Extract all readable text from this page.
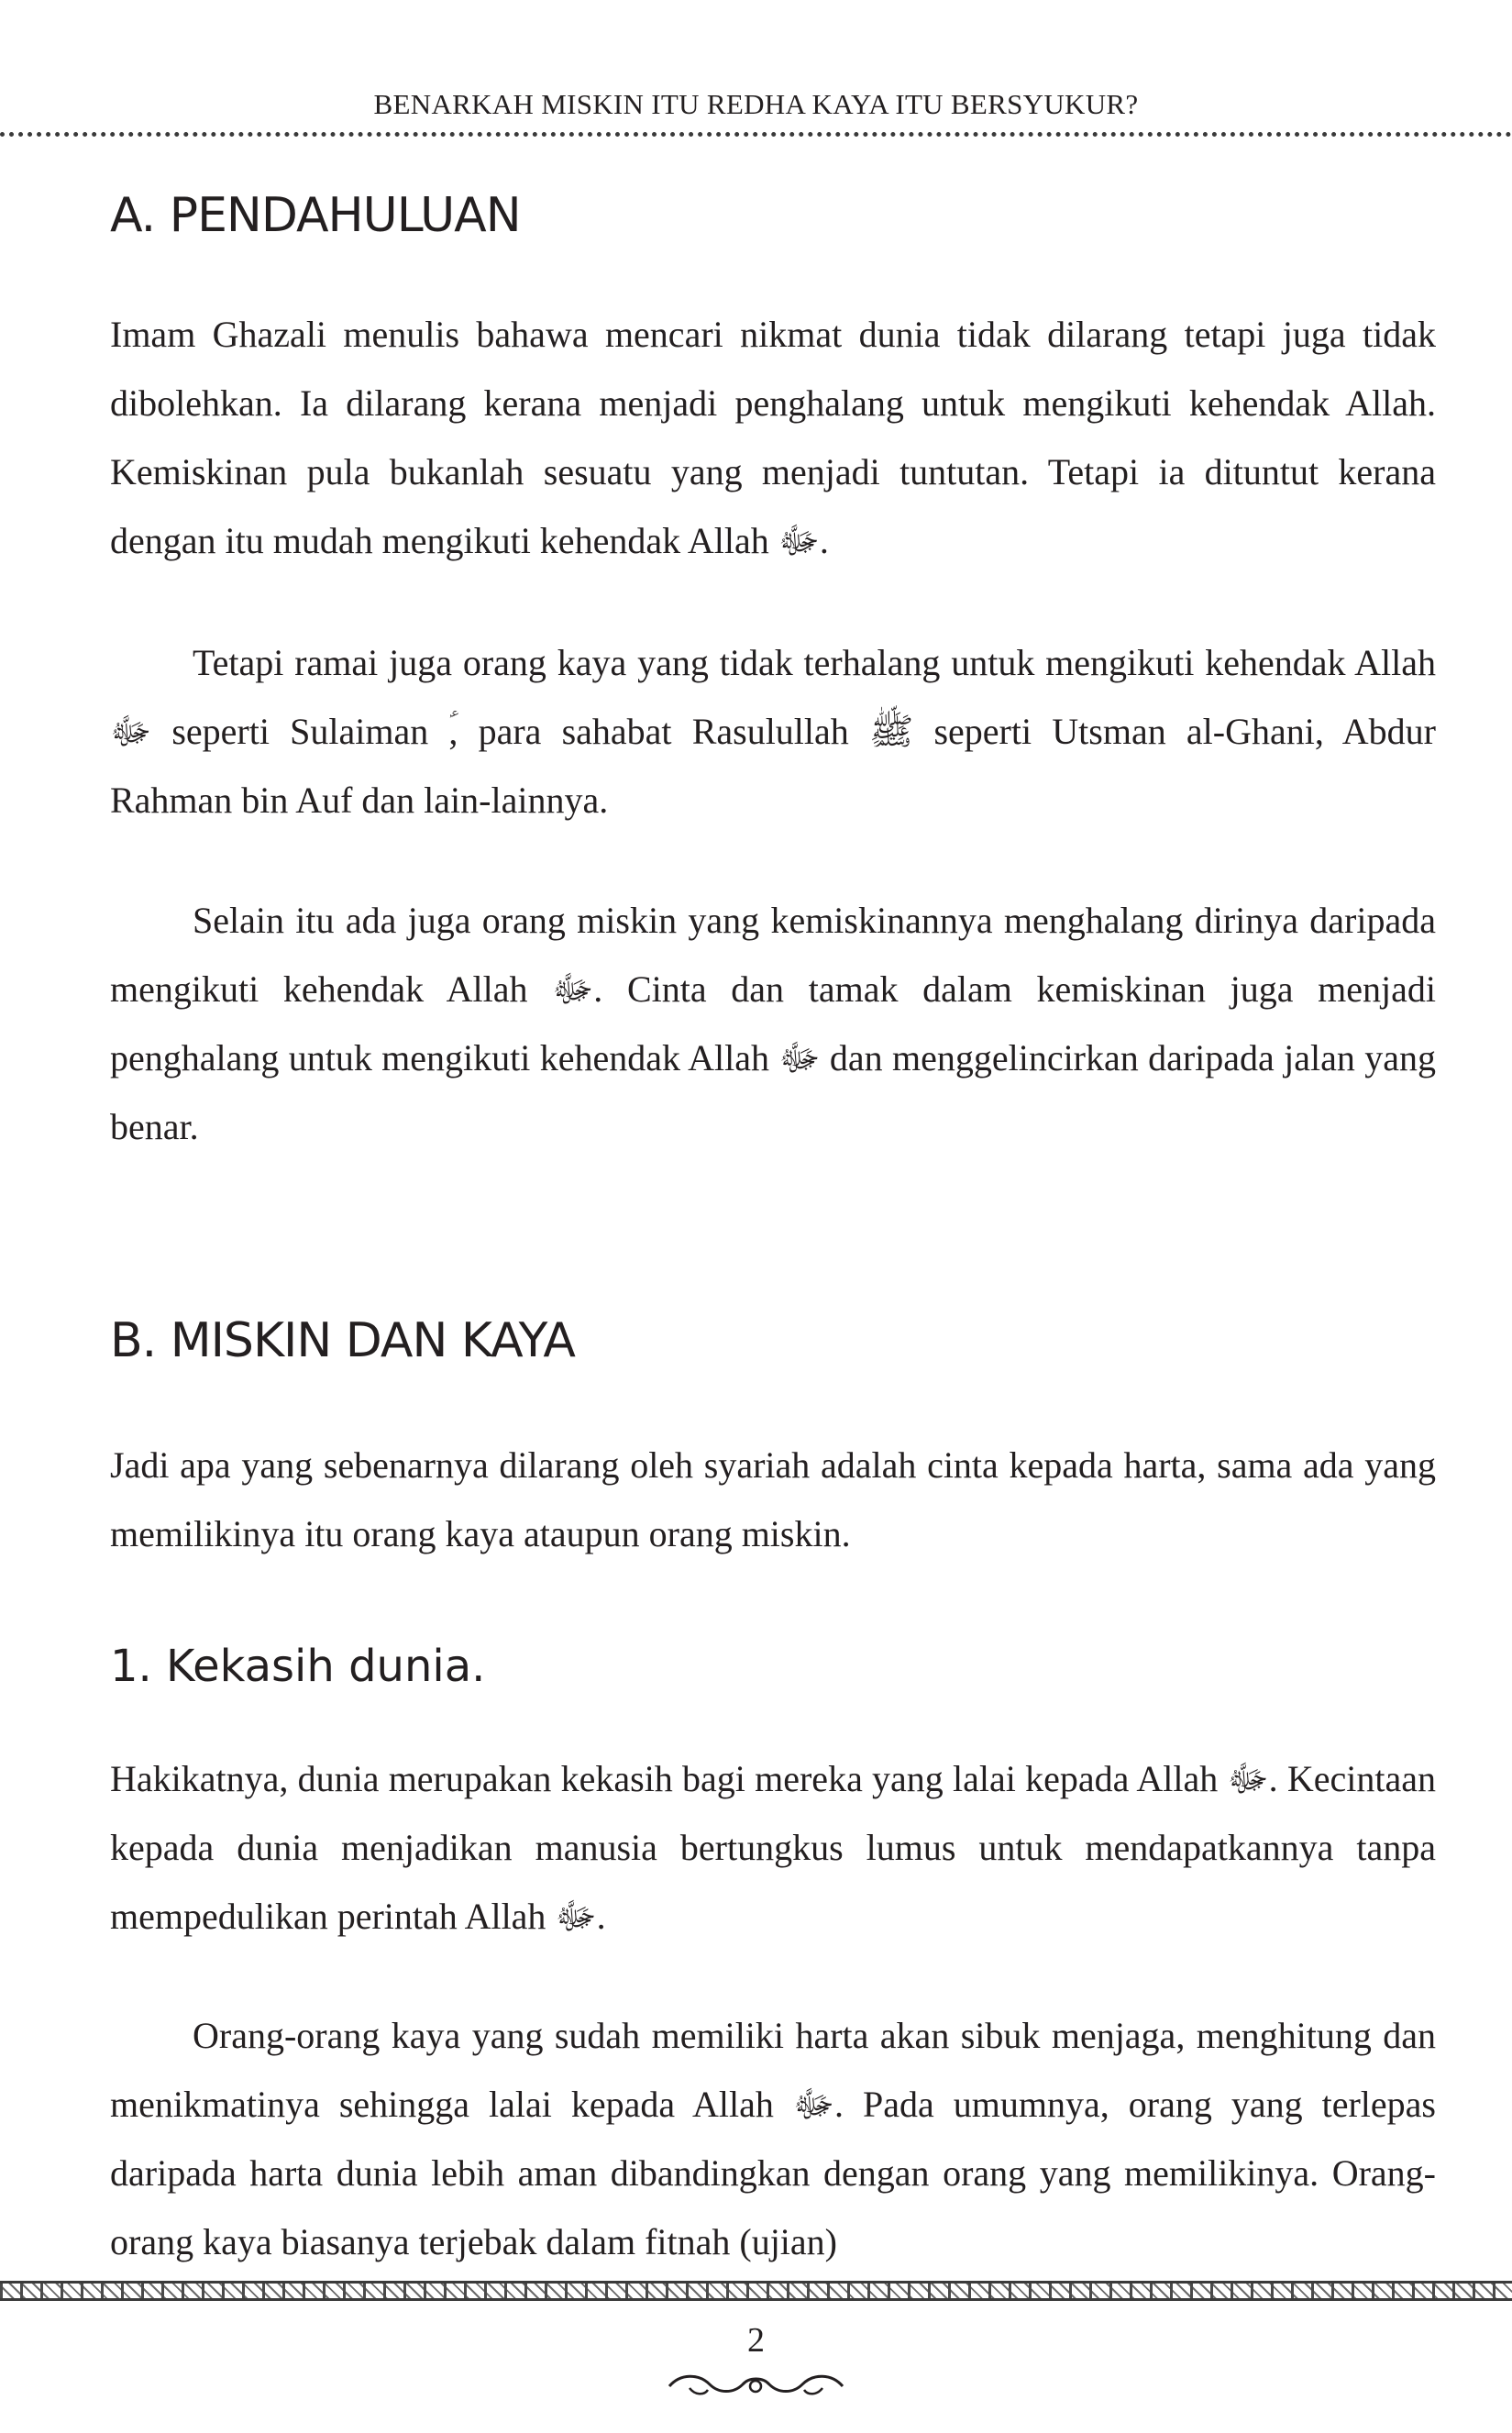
BENARKAH MISKIN ITU REDHA KAYA ITU BERSYUKUR?
A. PENDAHULUAN

Imam Ghazali menulis bahawa mencari nikmat dunia tidak dilarang tetapi juga tidak dibolehkan. Ia dilarang kerana menjadi penghalang untuk mengikuti kehendak Allah. Kemiskinan pula bukanlah sesuatu yang menjadi tuntutan. Tetapi ia dituntut kerana dengan itu mudah mengikuti kehendak Allah ﷻ.

Tetapi ramai juga orang kaya yang tidak terhalang untuk mengikuti kehendak Allah ﷻ seperti Sulaiman ؑ, para sahabat Rasulullah ﷺ seperti Utsman al-Ghani, Abdur Rahman bin Auf dan lain-lainnya.

Selain itu ada juga orang miskin yang kemiskinannya menghalang dirinya daripada mengikuti kehendak Allah ﷻ. Cinta dan tamak dalam kemiskinan juga menjadi penghalang untuk mengikuti kehendak Allah ﷻ dan menggelincirkan daripada jalan yang benar.

B. MISKIN DAN KAYA

Jadi apa yang sebenarnya dilarang oleh syariah adalah cinta kepada harta, sama ada yang memilikinya itu orang kaya ataupun orang miskin.

1. Kekasih dunia.

Hakikatnya, dunia merupakan kekasih bagi mereka yang lalai kepada Allah ﷻ. Kecintaan kepada dunia menjadikan manusia bertungkus lumus untuk mendapatkannya tanpa mempedulikan perintah Allah ﷻ.

Orang-orang kaya yang sudah memiliki harta akan sibuk menjaga, menghitung dan menikmatinya sehingga lalai kepada Allah ﷻ. Pada umumnya, orang yang terlepas daripada harta dunia lebih aman dibandingkan dengan orang yang memilikinya. Orang-orang kaya biasanya terjebak dalam fitnah (ujian)

2
